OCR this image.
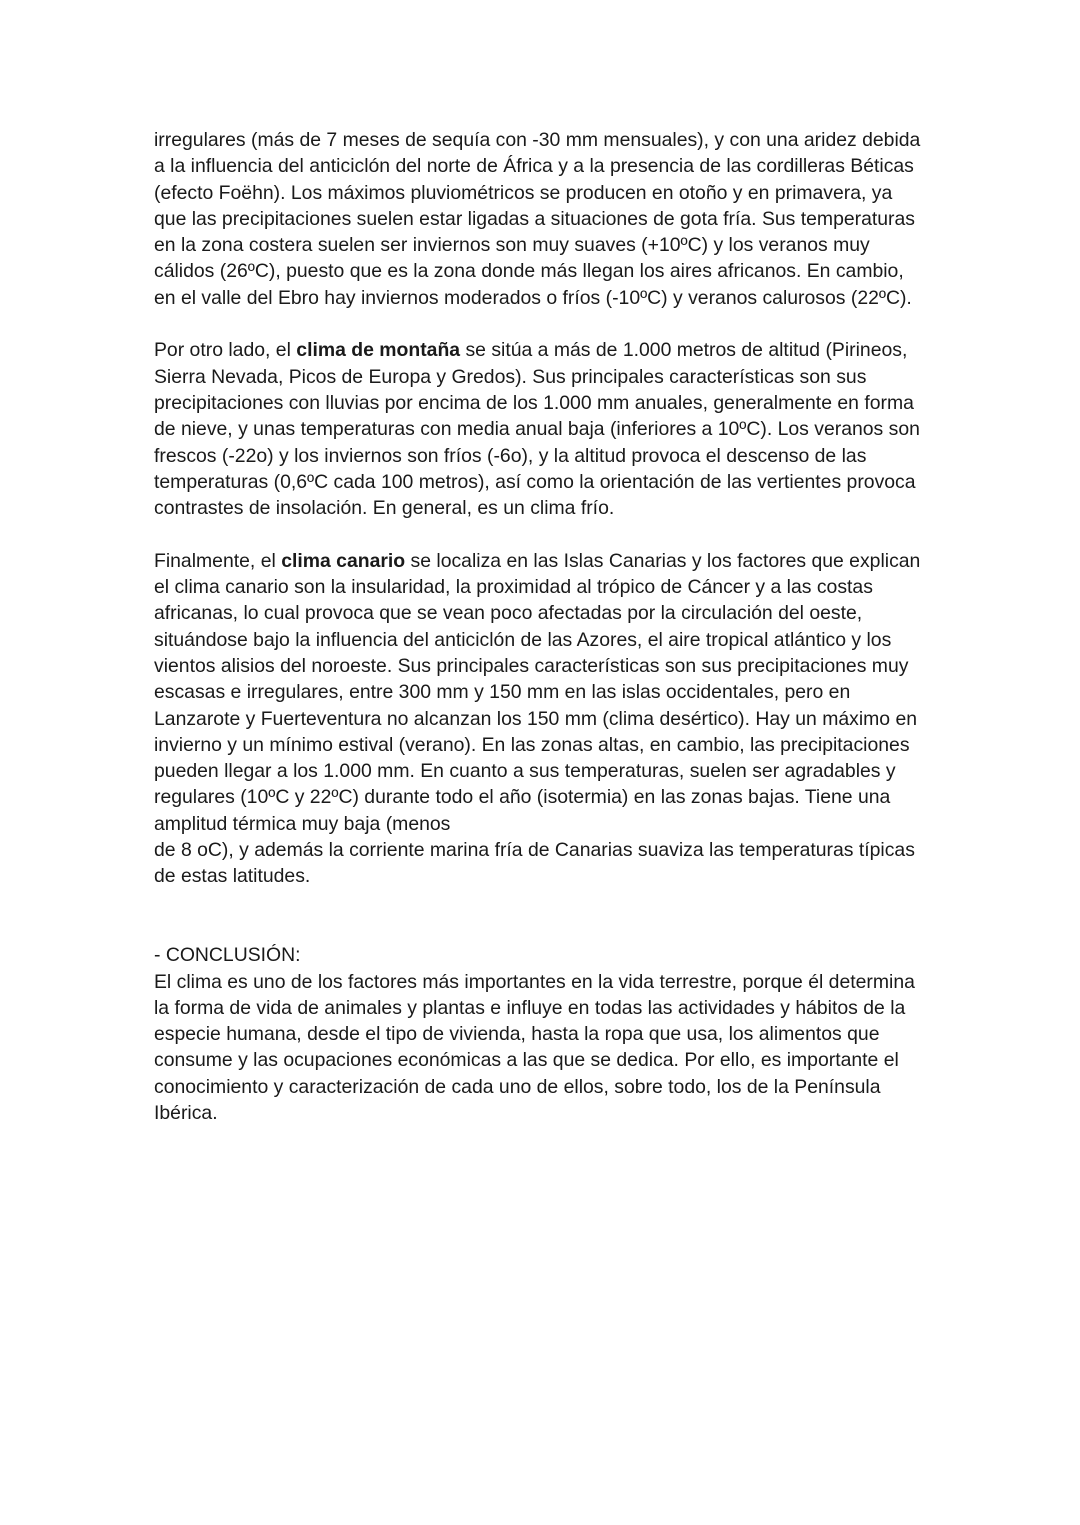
irregulares (más de 7 meses de sequía con -30 mm mensuales), y con una aridez debida
a la influencia del anticiclón del norte de África y a la presencia de las cordilleras Béticas
(efecto Foëhn). Los máximos pluviométricos se producen en otoño y en primavera, ya
que las precipitaciones suelen estar ligadas a situaciones de gota fría. Sus temperaturas
en la zona costera suelen ser inviernos son muy suaves (+10ºC) y los veranos muy
cálidos (26ºC), puesto que es la zona donde más llegan los aires africanos. En cambio,
en el valle del Ebro hay inviernos moderados o fríos (-10ºC) y veranos calurosos (22ºC).

Por otro lado, el clima de montaña se sitúa a más de 1.000 metros de altitud (Pirineos,
Sierra Nevada, Picos de Europa y Gredos). Sus principales características son sus
precipitaciones con lluvias por encima de los 1.000 mm anuales, generalmente en forma
de nieve, y unas temperaturas con media anual baja (inferiores a 10ºC). Los veranos son
frescos (-22o) y los inviernos son fríos (-6o), y la altitud provoca el descenso de las
temperaturas (0,6ºC cada 100 metros), así como la orientación de las vertientes provoca
contrastes de insolación. En general, es un clima frío.

Finalmente, el clima canario se localiza en las Islas Canarias y los factores que explican
el clima canario son la insularidad, la proximidad al trópico de Cáncer y a las costas
africanas, lo cual provoca que se vean poco afectadas por la circulación del oeste,
situándose bajo la influencia del anticiclón de las Azores, el aire tropical atlántico y los
vientos alisios del noroeste. Sus principales características son sus precipitaciones muy
escasas e irregulares, entre 300 mm y 150 mm en las islas occidentales, pero en
Lanzarote y Fuerteventura no alcanzan los 150 mm (clima desértico). Hay un máximo en
invierno y un mínimo estival (verano). En las zonas altas, en cambio, las precipitaciones
pueden llegar a los 1.000 mm. En cuanto a sus temperaturas, suelen ser agradables y
regulares (10ºC y 22ºC) durante todo el año (isotermia) en las zonas bajas. Tiene una
amplitud térmica muy baja (menos
de 8 oC), y además la corriente marina fría de Canarias suaviza las temperaturas típicas
de estas latitudes.

- CONCLUSIÓN:
El clima es uno de los factores más importantes en la vida terrestre, porque él determina
la forma de vida de animales y plantas e influye en todas las actividades y hábitos de la
especie humana, desde el tipo de vivienda, hasta la ropa que usa, los alimentos que
consume y las ocupaciones económicas a las que se dedica. Por ello, es importante el
conocimiento y caracterización de cada uno de ellos, sobre todo, los de la Península
Ibérica.
